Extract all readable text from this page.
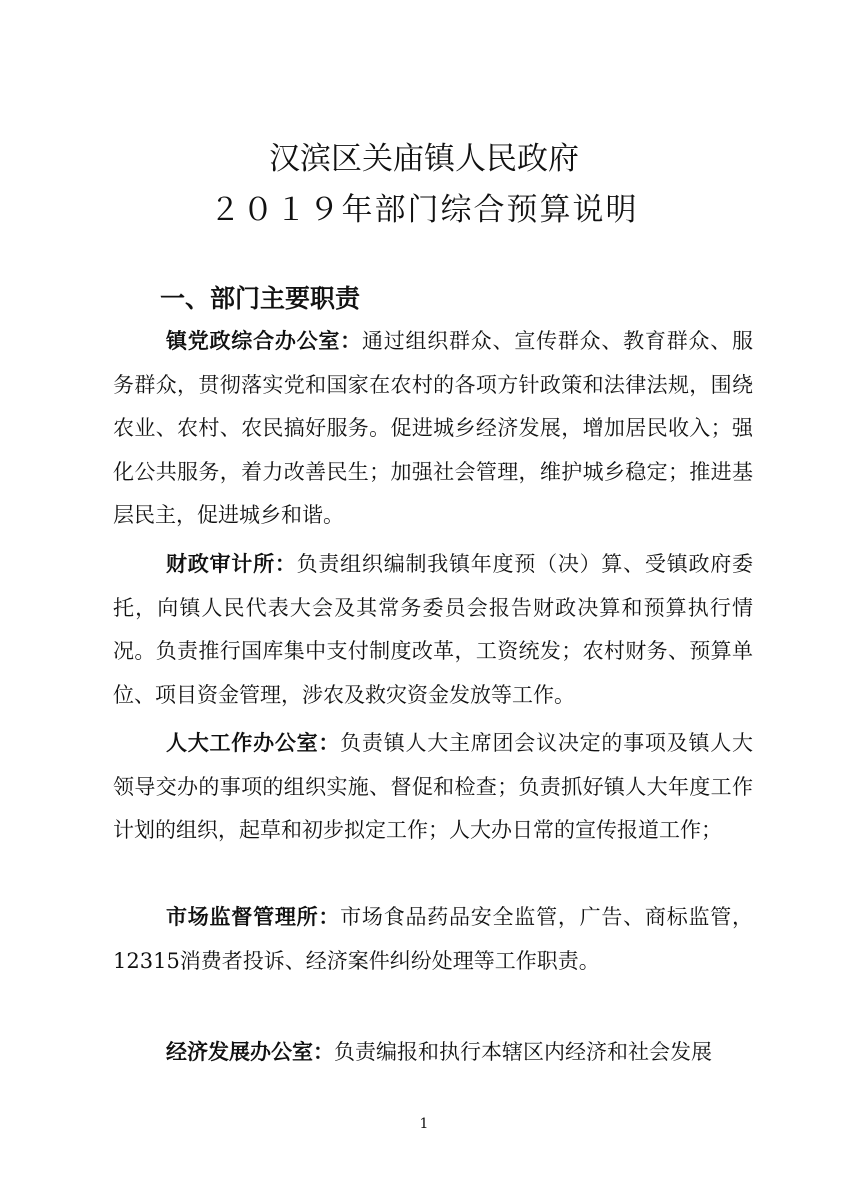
汉滨区关庙镇人民政府
２０１９年部门综合预算说明
一、部门主要职责

镇党政综合办公室：通过组织群众、宣传群众、教育群众、服务群众，贯彻落实党和国家在农村的各项方针政策和法律法规，围绕农业、农村、农民搞好服务。促进城乡经济发展，增加居民收入；强化公共服务，着力改善民生；加强社会管理，维护城乡稳定；推进基层民主，促进城乡和谐。

财政审计所：负责组织编制我镇年度预（决）算、受镇政府委托，向镇人民代表大会及其常务委员会报告财政决算和预算执行情况。负责推行国库集中支付制度改革，工资统发；农村财务、预算单位、项目资金管理，涉农及救灾资金发放等工作。

人大工作办公室：负责镇人大主席团会议决定的事项及镇人大领导交办的事项的组织实施、督促和检查；负责抓好镇人大年度工作计划的组织，起草和初步拟定工作；人大办日常的宣传报道工作；

市场监督管理所：市场食品药品安全监管，广告、商标监管，12315消费者投诉、经济案件纠纷处理等工作职责。

经济发展办公室：负责编报和执行本辖区内经济和社会发展

1
